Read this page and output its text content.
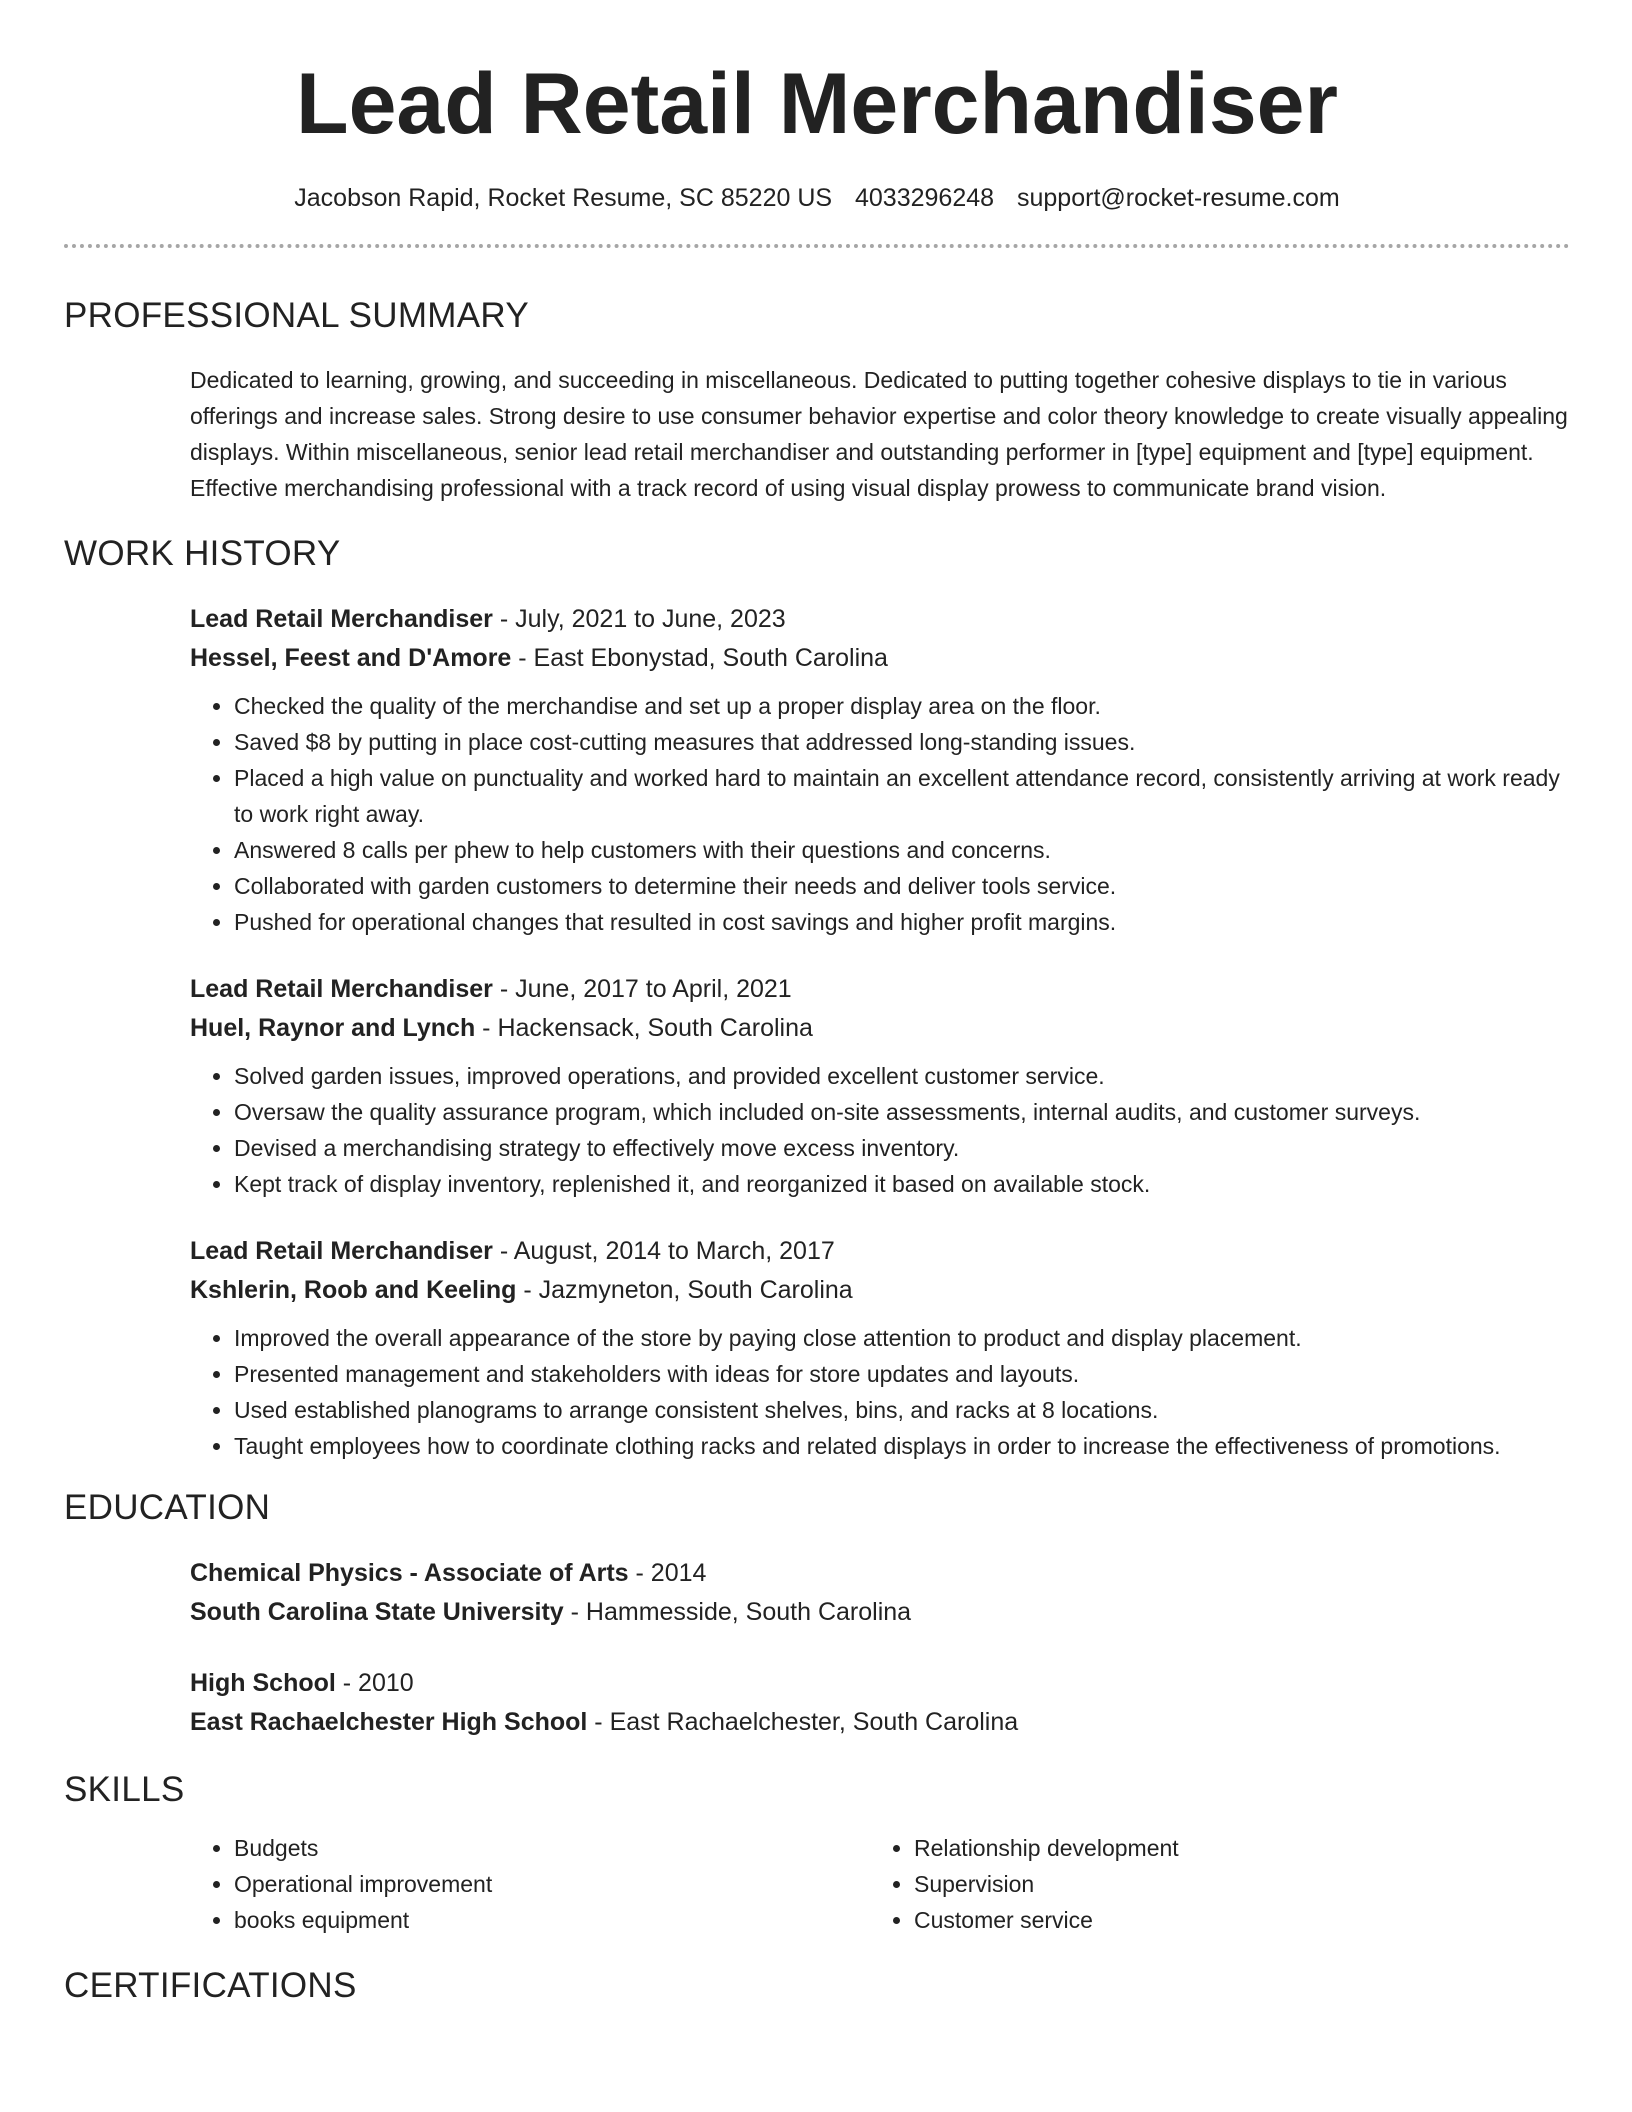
Lead Retail Merchandiser
Jacobson Rapid, Rocket Resume, SC 85220 US 4033296248 support@rocket-resume.com
PROFESSIONAL SUMMARY
Dedicated to learning, growing, and succeeding in miscellaneous. Dedicated to putting together cohesive displays to tie in various offerings and increase sales. Strong desire to use consumer behavior expertise and color theory knowledge to create visually appealing displays. Within miscellaneous, senior lead retail merchandiser and outstanding performer in [type] equipment and [type] equipment. Effective merchandising professional with a track record of using visual display prowess to communicate brand vision.
WORK HISTORY
Lead Retail Merchandiser - July, 2021 to June, 2023
Hessel, Feest and D'Amore - East Ebonystad, South Carolina
• Checked the quality of the merchandise and set up a proper display area on the floor.
• Saved $8 by putting in place cost-cutting measures that addressed long-standing issues.
• Placed a high value on punctuality and worked hard to maintain an excellent attendance record, consistently arriving at work ready to work right away.
• Answered 8 calls per phew to help customers with their questions and concerns.
• Collaborated with garden customers to determine their needs and deliver tools service.
• Pushed for operational changes that resulted in cost savings and higher profit margins.
Lead Retail Merchandiser - June, 2017 to April, 2021
Huel, Raynor and Lynch - Hackensack, South Carolina
• Solved garden issues, improved operations, and provided excellent customer service.
• Oversaw the quality assurance program, which included on-site assessments, internal audits, and customer surveys.
• Devised a merchandising strategy to effectively move excess inventory.
• Kept track of display inventory, replenished it, and reorganized it based on available stock.
Lead Retail Merchandiser - August, 2014 to March, 2017
Kshlerin, Roob and Keeling - Jazmyneton, South Carolina
• Improved the overall appearance of the store by paying close attention to product and display placement.
• Presented management and stakeholders with ideas for store updates and layouts.
• Used established planograms to arrange consistent shelves, bins, and racks at 8 locations.
• Taught employees how to coordinate clothing racks and related displays in order to increase the effectiveness of promotions.
EDUCATION
Chemical Physics - Associate of Arts - 2014
South Carolina State University - Hammesside, South Carolina
High School - 2010
East Rachaelchester High School - East Rachaelchester, South Carolina
SKILLS
• Budgets
• Operational improvement
• books equipment
• Relationship development
• Supervision
• Customer service
CERTIFICATIONS
